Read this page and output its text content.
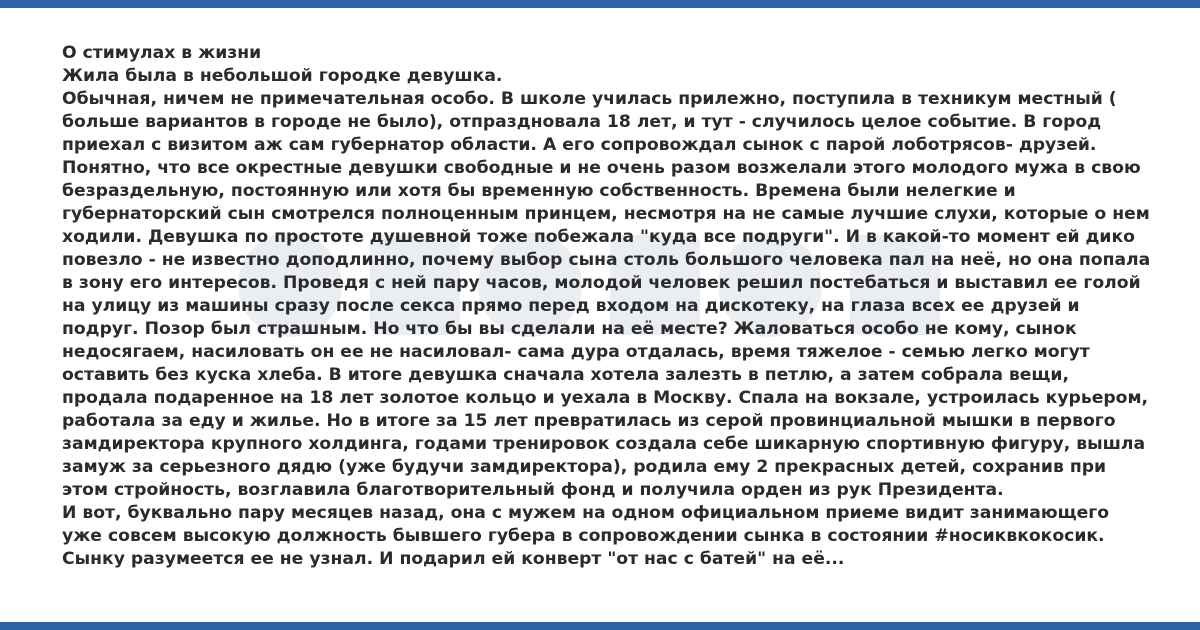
О стимулах в жизни

Жила была в небольшой городке девушка.

Обычная, ничем не примечательная особо. В школе училась прилежно, поступила в техникум местный ( больше вариантов в городе не было), отпраздновала 18 лет, и тут - случилось целое событие. В город приехал с визитом аж сам губернатор области. А его сопровождал сынок с парой лоботрясов- друзей. Понятно, что все окрестные девушки свободные и не очень разом возжелали этого молодого мужа в свою безраздельную, постоянную или хотя бы временную собственность. Времена были нелегкие и губернаторский сын смотрелся полноценным принцем, несмотря на не самые лучшие слухи, которые о нем ходили. Девушка по простоте душевной тоже побежала "куда все подруги". И в какой-то момент ей дико повезло - не известно доподлинно, почему выбор сына столь большого человека пал на неё, но она попала в зону его интересов. Проведя с ней пару часов, молодой человек решил постебаться и выставил ее голой на улицу из машины сразу после секса прямо перед входом на дискотеку, на глаза всех ее друзей и подруг. Позор был страшным. Но что бы вы сделали на её месте? Жаловаться особо не кому, сынок недосягаем, насиловать он ее не насиловал- сама дура отдалась, время тяжелое - семью легко могут оставить без куска хлеба. В итоге девушка сначала хотела залезть в петлю, а затем собрала вещи, продала подаренное на 18 лет золотое кольцо и уехала в Москву. Спала на вокзале, устроилась курьером, работала за еду и жилье. Но в итоге за 15 лет превратилась из серой провинциальной мышки в первого замдиректора крупного холдинга, годами тренировок создала себе шикарную спортивную фигуру, вышла замуж за серьезного дядю (уже будучи замдиректора), родила ему 2 прекрасных детей, сохранив при этом стройность, возглавила благотворительный фонд и получила орден из рук Президента.

И вот, буквально пару месяцев назад, она с мужем на одном официальном приеме видит занимающего уже совсем высокую должность бывшего губера в сопровождении сынка в состоянии #носиквкокосик. Сынку разумеется ее не узнал. И подарил ей конверт "от нас с батей" на её...
